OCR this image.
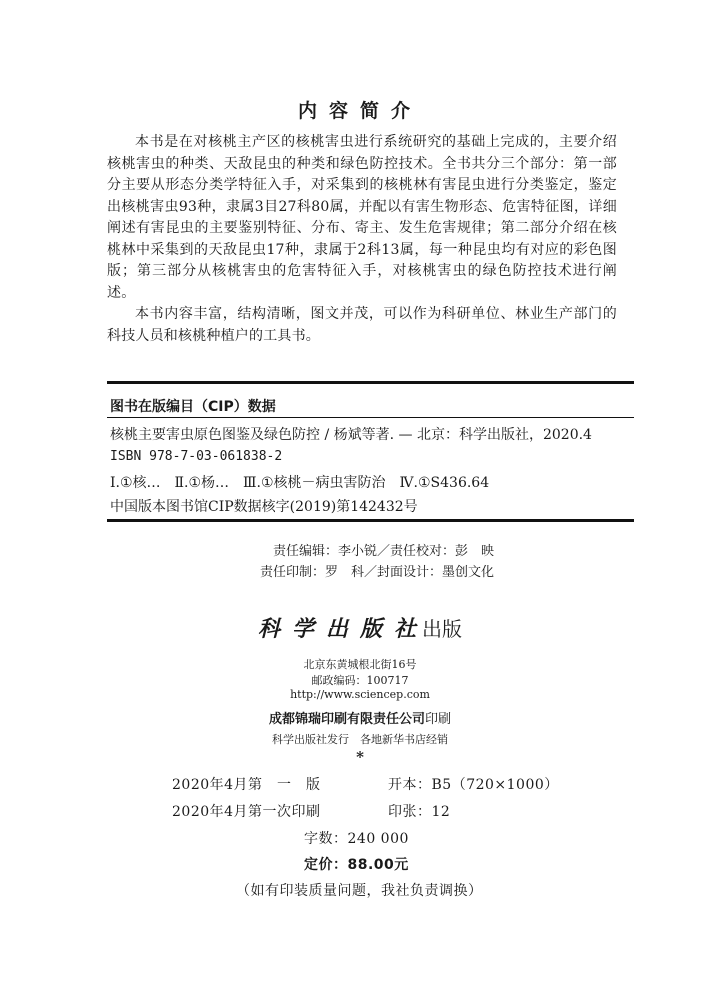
内容简介

本书是在对核桃主产区的核桃害虫进行系统研究的基础上完成的，主要介绍核桃害虫的种类、天敌昆虫的种类和绿色防控技术。全书共分三个部分：第一部分主要从形态分类学特征入手，对采集到的核桃林有害昆虫进行分类鉴定，鉴定出核桃害虫93种，隶属3目27科80属，并配以有害生物形态、危害特征图，详细阐述有害昆虫的主要鉴别特征、分布、寄主、发生危害规律；第二部分介绍在核桃林中采集到的天敌昆虫17种，隶属于2科13属，每一种昆虫均有对应的彩色图版；第三部分从核桃害虫的危害特征入手，对核桃害虫的绿色防控技术进行阐述。

本书内容丰富，结构清晰，图文并茂，可以作为科研单位、林业生产部门的科技人员和核桃种植户的工具书。

图书在版编目（CIP）数据
核桃主要害虫原色图鉴及绿色防控 / 杨斌等著. — 北京：科学出版社，2020.4
ISBN 978-7-03-061838-2
Ⅰ.①核…　Ⅱ.①杨…　Ⅲ.①核桃－病虫害防治　Ⅳ.①S436.64
中国版本图书馆CIP数据核字(2019)第142432号
责任编辑：李小锐／责任校对：彭　映
责任印制：罗　科／封面设计：墨创文化
科学出版社出版
北京东黄城根北街16号
邮政编码：100717
http://www.sciencep.com
成都锦瑞印刷有限责任公司印刷
科学出版社发行　各地新华书店经销
*
2020年4月第　一　版	开本：B5（720×1000）
2020年4月第一次印刷	印张：12
字数：240 000
定价：88.00元
（如有印装质量问题，我社负责调换）
